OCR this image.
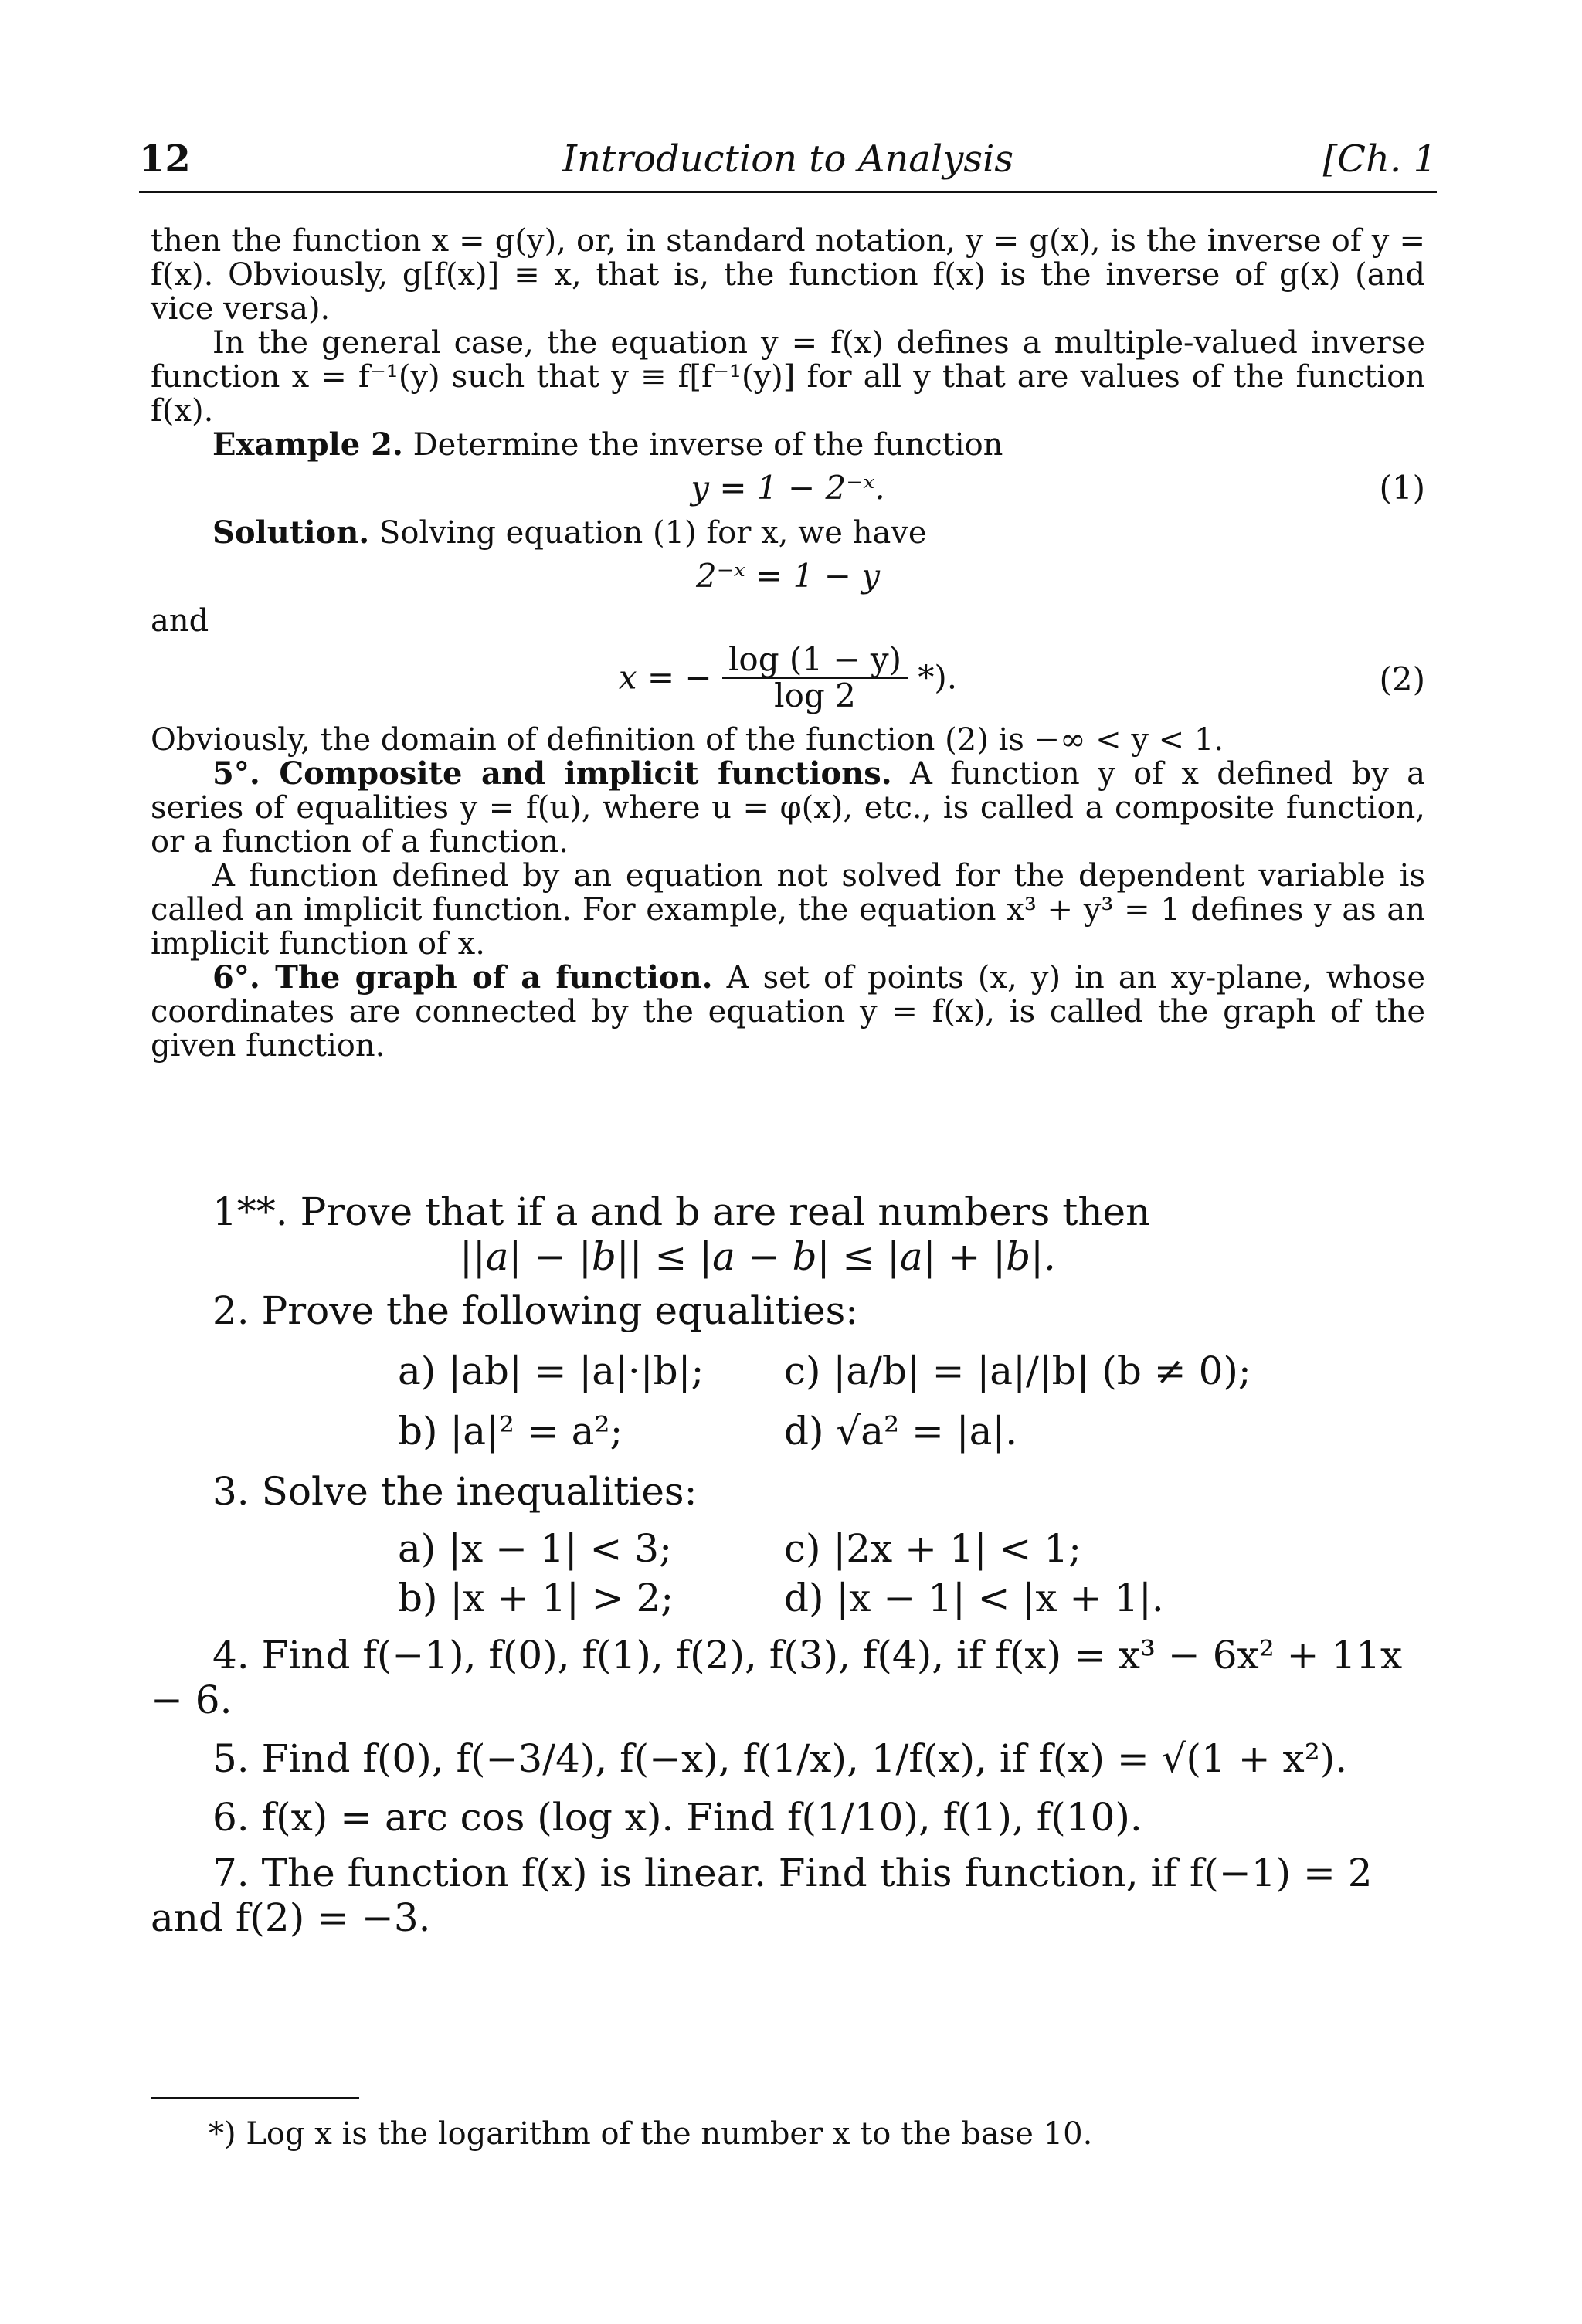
Introduction to Analysis
12	[Ch. 1

then the function x = g(y), or, in standard notation, y = g(x), is the inverse of y = f(x). Obviously, g[f(x)] ≡ x, that is, the function f(x) is the inverse of g(x) (and vice versa).

In the general case, the equation y = f(x) defines a multiple-valued inverse function x = f⁻¹(y) such that y ≡ f[f⁻¹(y)] for all y that are values of the function f(x).

Example 2. Determine the inverse of the function

y = 1 − 2⁻ˣ.	(1)

Solution. Solving equation (1) for x, we have

2⁻ˣ = 1 − y

and

x = − $\frac{\log (1 - y)}{\log 2}$ *).	(2)

Obviously, the domain of definition of the function (2) is −∞ < y < 1.

5°. Composite and implicit functions. A function y of x defined by a series of equalities y = f(u), where u = φ(x), etc., is called a composite function, or a function of a function.

A function defined by an equation not solved for the dependent variable is called an implicit function. For example, the equation x³ + y³ = 1 defines y as an implicit function of x.

6°. The graph of a function. A set of points (x, y) in an xy-plane, whose coordinates are connected by the equation y = f(x), is called the graph of the given function.

1**. Prove that if a and b are real numbers then

||a| − |b|| ≤ |a − b| ≤ |a| + |b|.

2. Prove the following equalities:

a) |ab| = |a|·|b|; c) |a/b| = |a|/|b| (b ≠ 0);
b) |a|² = a²;	d) √a² = |a|.

3. Solve the inequalities:

a) |x − 1| < 3;	c) |2x + 1| < 1;
b) |x + 1| > 2;	d) |x − 1| < |x + 1|.

4. Find f(−1), f(0), f(1), f(2), f(3), f(4), if f(x) = x³ − 6x² + 11x − 6.

5. Find f(0), f(−3/4), f(−x), f(1/x), 1/f(x), if f(x) = √(1 + x²).

6. f(x) = arc cos (log x). Find f(1/10), f(1), f(10).

7. The function f(x) is linear. Find this function, if f(−1) = 2 and f(2) = −3.

*) Log x is the logarithm of the number x to the base 10.
